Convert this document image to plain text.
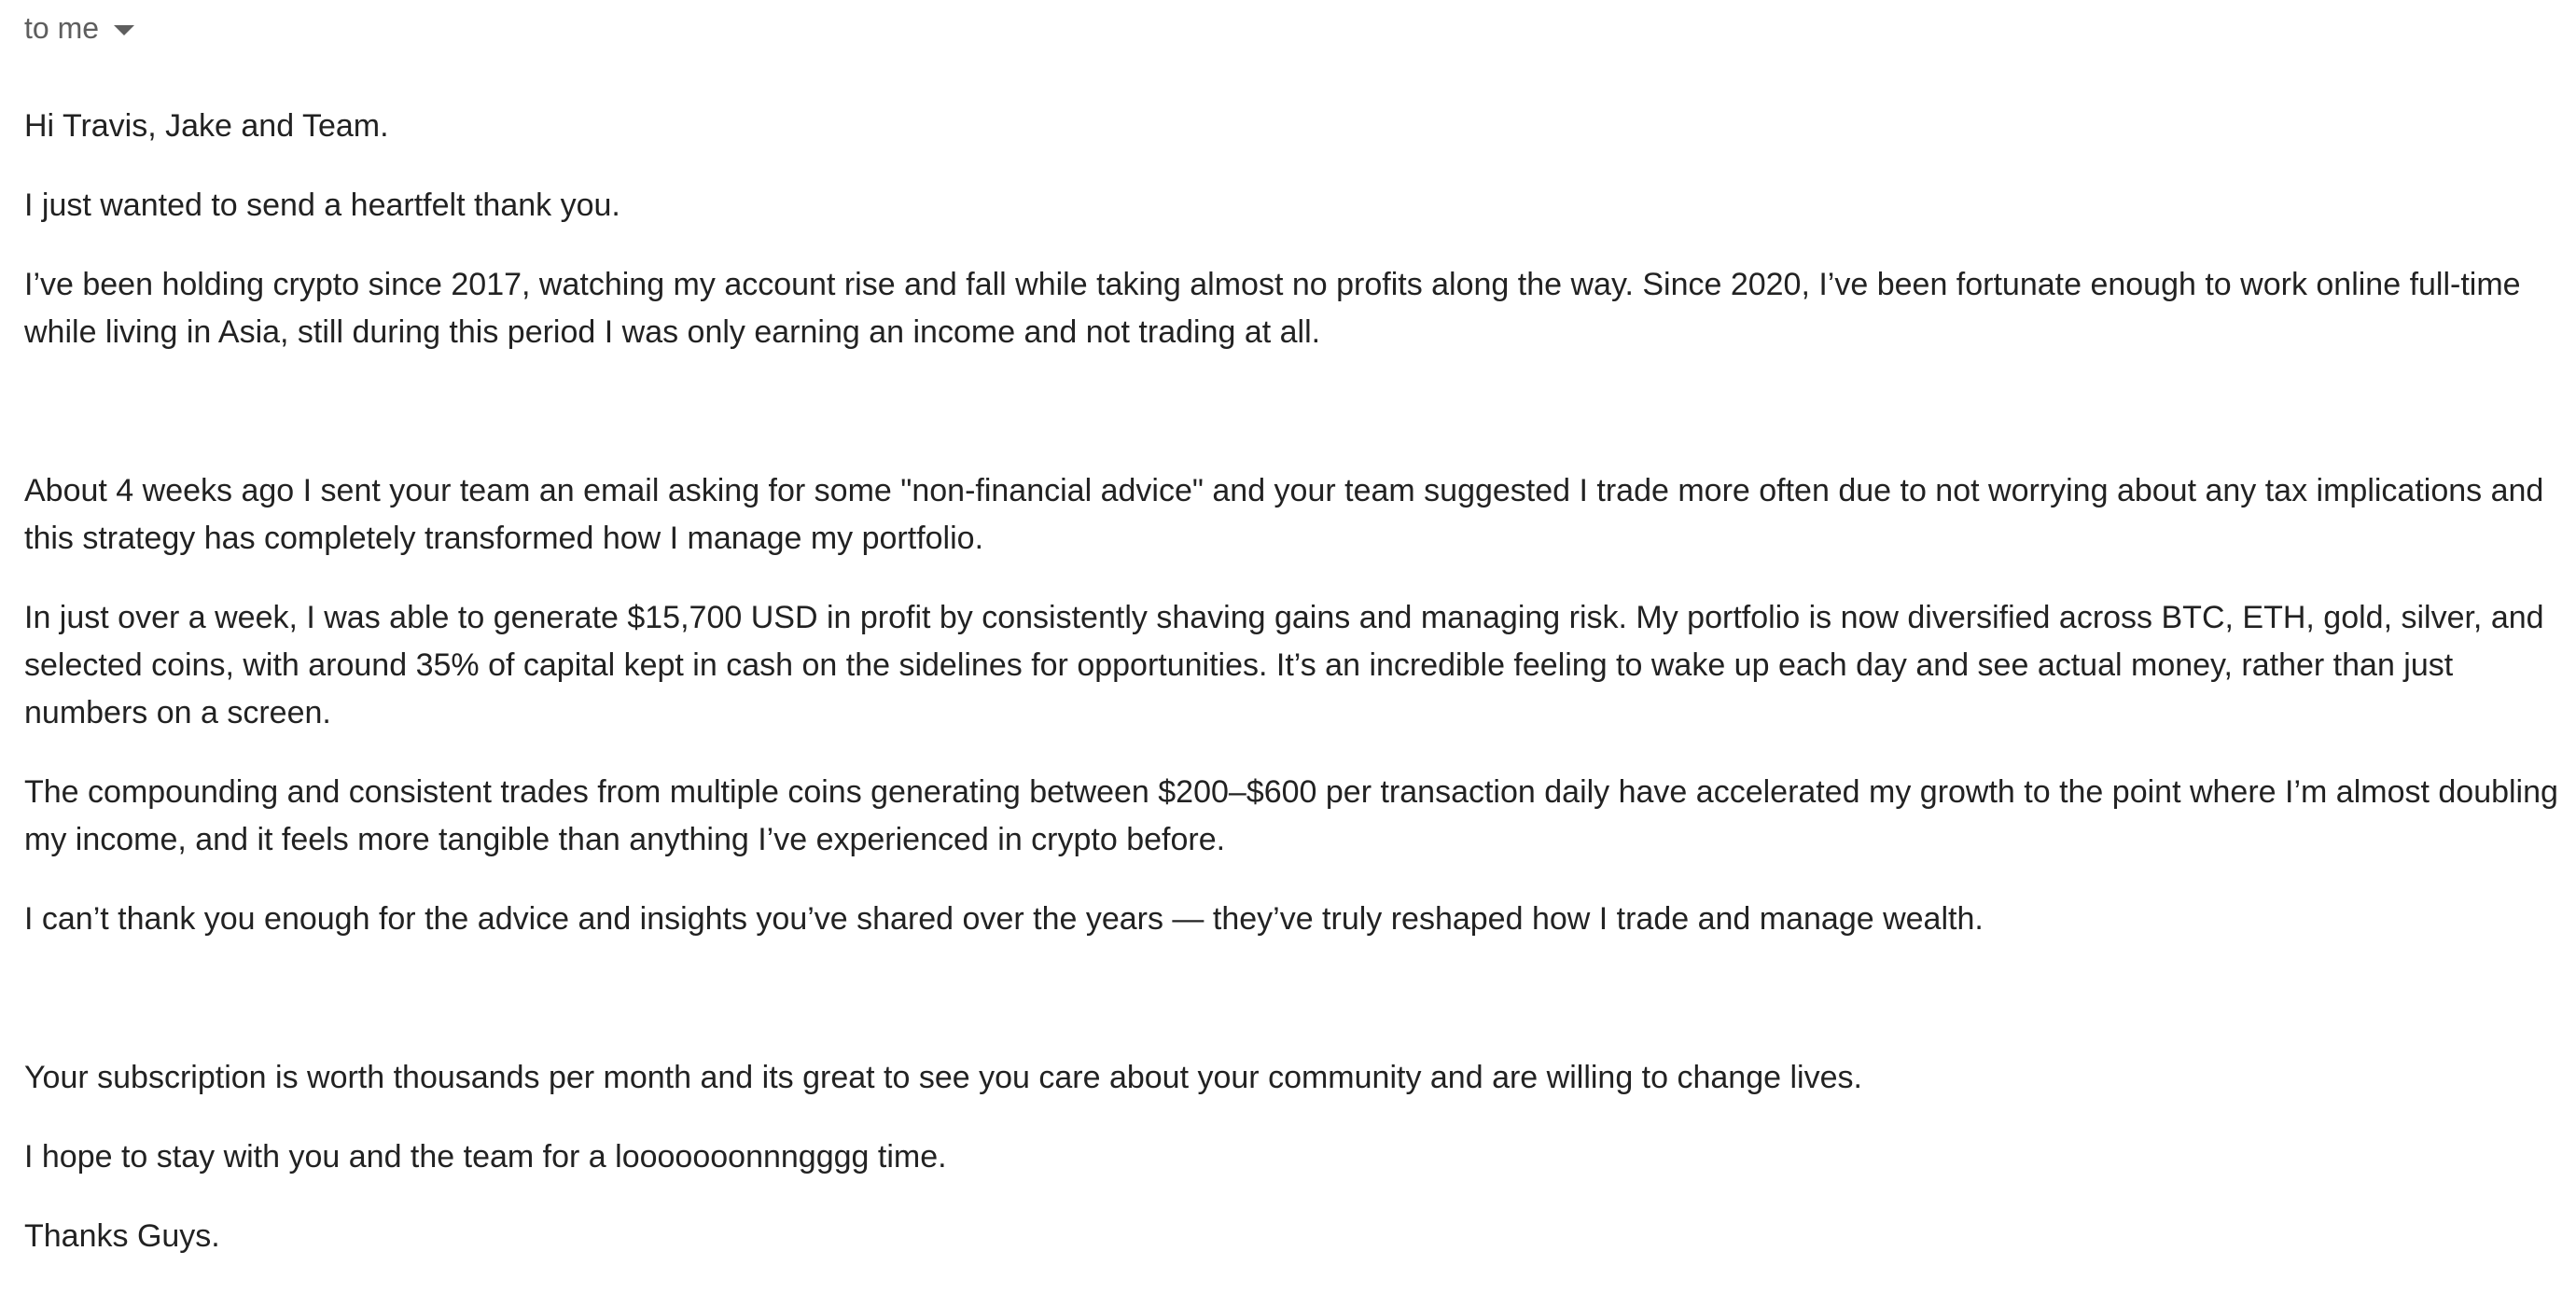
to me

Hi Travis, Jake and Team.

I just wanted to send a heartfelt thank you.

I’ve been holding crypto since 2017, watching my account rise and fall while taking almost no profits along the way. Since 2020, I’ve been fortunate enough to work online full-time while living in Asia, still during this period I was only earning an income and not trading at all.

About 4 weeks ago I sent your team an email asking for some "non-financial advice" and your team suggested I trade more often due to not worrying about any tax implications and this strategy has completely transformed how I manage my portfolio.

In just over a week, I was able to generate $15,700 USD in profit by consistently shaving gains and managing risk. My portfolio is now diversified across BTC, ETH, gold, silver, and selected coins, with around 35% of capital kept in cash on the sidelines for opportunities. It’s an incredible feeling to wake up each day and see actual money, rather than just numbers on a screen.

The compounding and consistent trades from multiple coins generating between $200–$600 per transaction daily have accelerated my growth to the point where I’m almost doubling my income, and it feels more tangible than anything I’ve experienced in crypto before.

I can’t thank you enough for the advice and insights you’ve shared over the years — they’ve truly reshaped how I trade and manage wealth.

Your subscription is worth thousands per month and its great to see you care about your community and are willing to change lives.

I hope to stay with you and the team for a looooooonnngggg time.

Thanks Guys.
